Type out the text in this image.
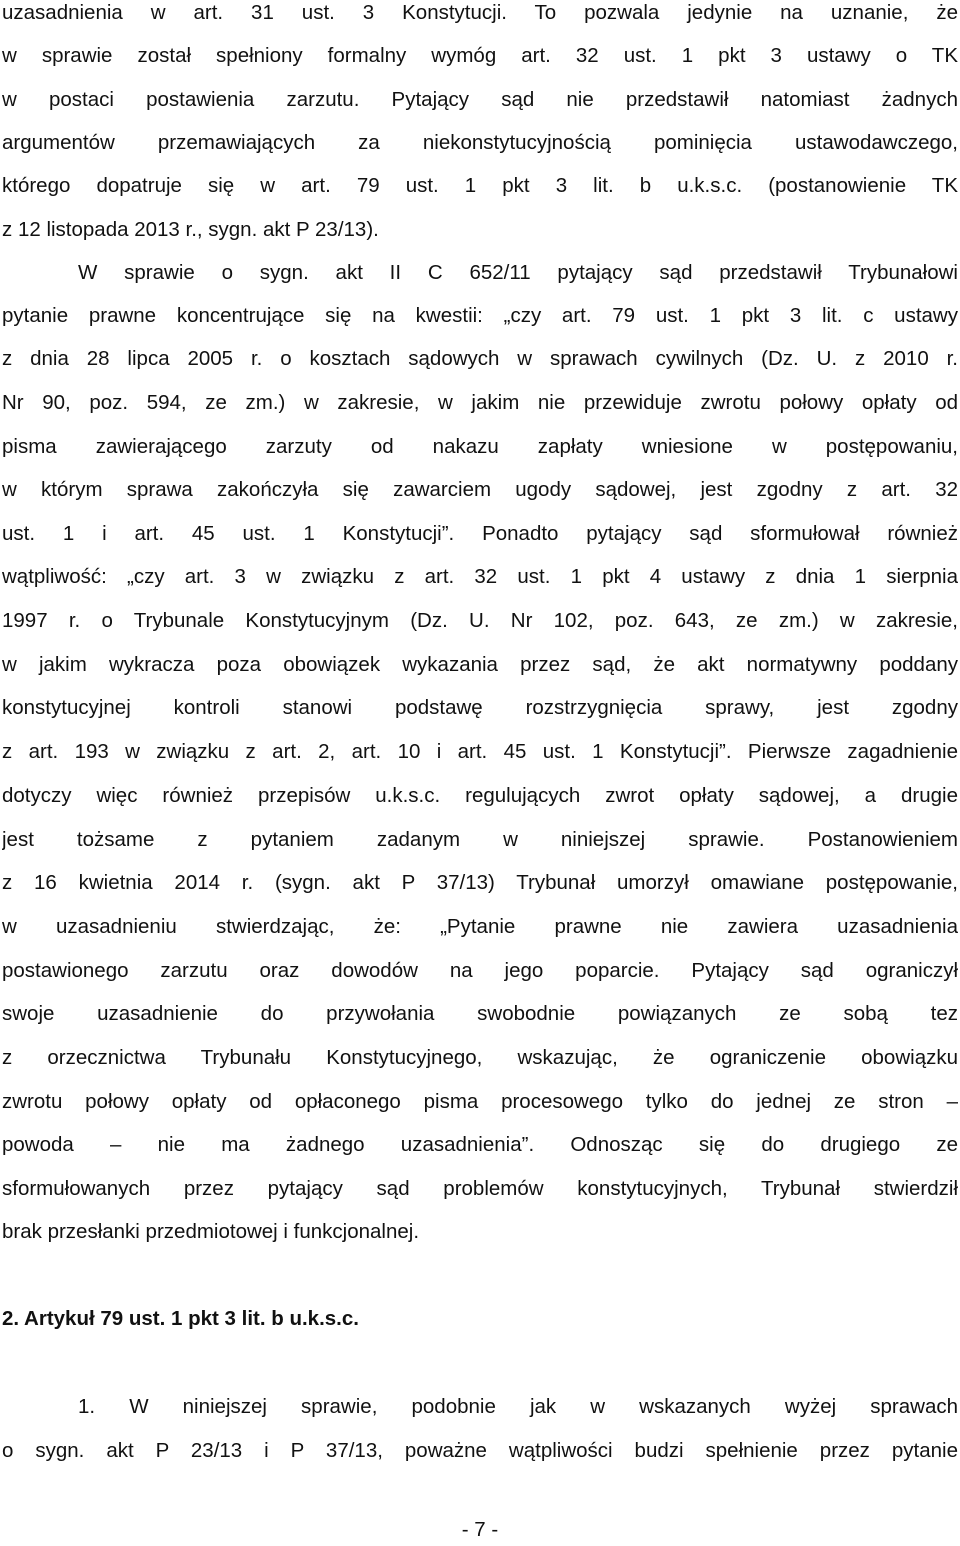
uzasadnienia w art. 31 ust. 3 Konstytucji. To pozwala jedynie na uznanie, że
w sprawie został spełniony formalny wymóg art. 32 ust. 1 pkt 3 ustawy o TK
w postaci postawienia zarzutu. Pytający sąd nie przedstawił natomiast żadnych
argumentów przemawiających za niekonstytucyjnością pominięcia ustawodawczego,
którego dopatruje się w art. 79 ust. 1 pkt 3 lit. b u.k.s.c. (postanowienie TK
z 12 listopada 2013 r., sygn. akt P 23/13).
W sprawie o sygn. akt II C 652/11 pytający sąd przedstawił Trybunałowi
pytanie prawne koncentrujące się na kwestii: „czy art. 79 ust. 1 pkt 3 lit. c ustawy
z dnia 28 lipca 2005 r. o kosztach sądowych w sprawach cywilnych (Dz. U. z 2010 r.
Nr 90, poz. 594, ze zm.) w zakresie, w jakim nie przewiduje zwrotu połowy opłaty od
pisma zawierającego zarzuty od nakazu zapłaty wniesione w postępowaniu,
w którym sprawa zakończyła się zawarciem ugody sądowej, jest zgodny z art. 32
ust. 1 i art. 45 ust. 1 Konstytucji”. Ponadto pytający sąd sformułował również
wątpliwość: „czy art. 3 w związku z art. 32 ust. 1 pkt 4 ustawy z dnia 1 sierpnia
1997 r. o Trybunale Konstytucyjnym (Dz. U. Nr 102, poz. 643, ze zm.) w zakresie,
w jakim wykracza poza obowiązek wykazania przez sąd, że akt normatywny poddany
konstytucyjnej kontroli stanowi podstawę rozstrzygnięcia sprawy, jest zgodny
z art. 193 w związku z art. 2, art. 10 i art. 45 ust. 1 Konstytucji”. Pierwsze zagadnienie
dotyczy więc również przepisów u.k.s.c. regulujących zwrot opłaty sądowej, a drugie
jest tożsame z pytaniem zadanym w niniejszej sprawie. Postanowieniem
z 16 kwietnia 2014 r. (sygn. akt P 37/13) Trybunał umorzył omawiane postępowanie,
w uzasadnieniu stwierdzając, że: „Pytanie prawne nie zawiera uzasadnienia
postawionego zarzutu oraz dowodów na jego poparcie. Pytający sąd ograniczył
swoje uzasadnienie do przywołania swobodnie powiązanych ze sobą tez
z orzecznictwa Trybunału Konstytucyjnego, wskazując, że ograniczenie obowiązku
zwrotu połowy opłaty od opłaconego pisma procesowego tylko do jednej ze stron –
powoda – nie ma żadnego uzasadnienia”. Odnosząc się do drugiego ze
sformułowanych przez pytający sąd problemów konstytucyjnych, Trybunał stwierdził
brak przesłanki przedmiotowej i funkcjonalnej.
2. Artykuł 79 ust. 1 pkt 3 lit. b u.k.s.c.
1. W niniejszej sprawie, podobnie jak w wskazanych wyżej sprawach
o sygn. akt P 23/13 i P 37/13, poważne wątpliwości budzi spełnienie przez pytanie
- 7 -
